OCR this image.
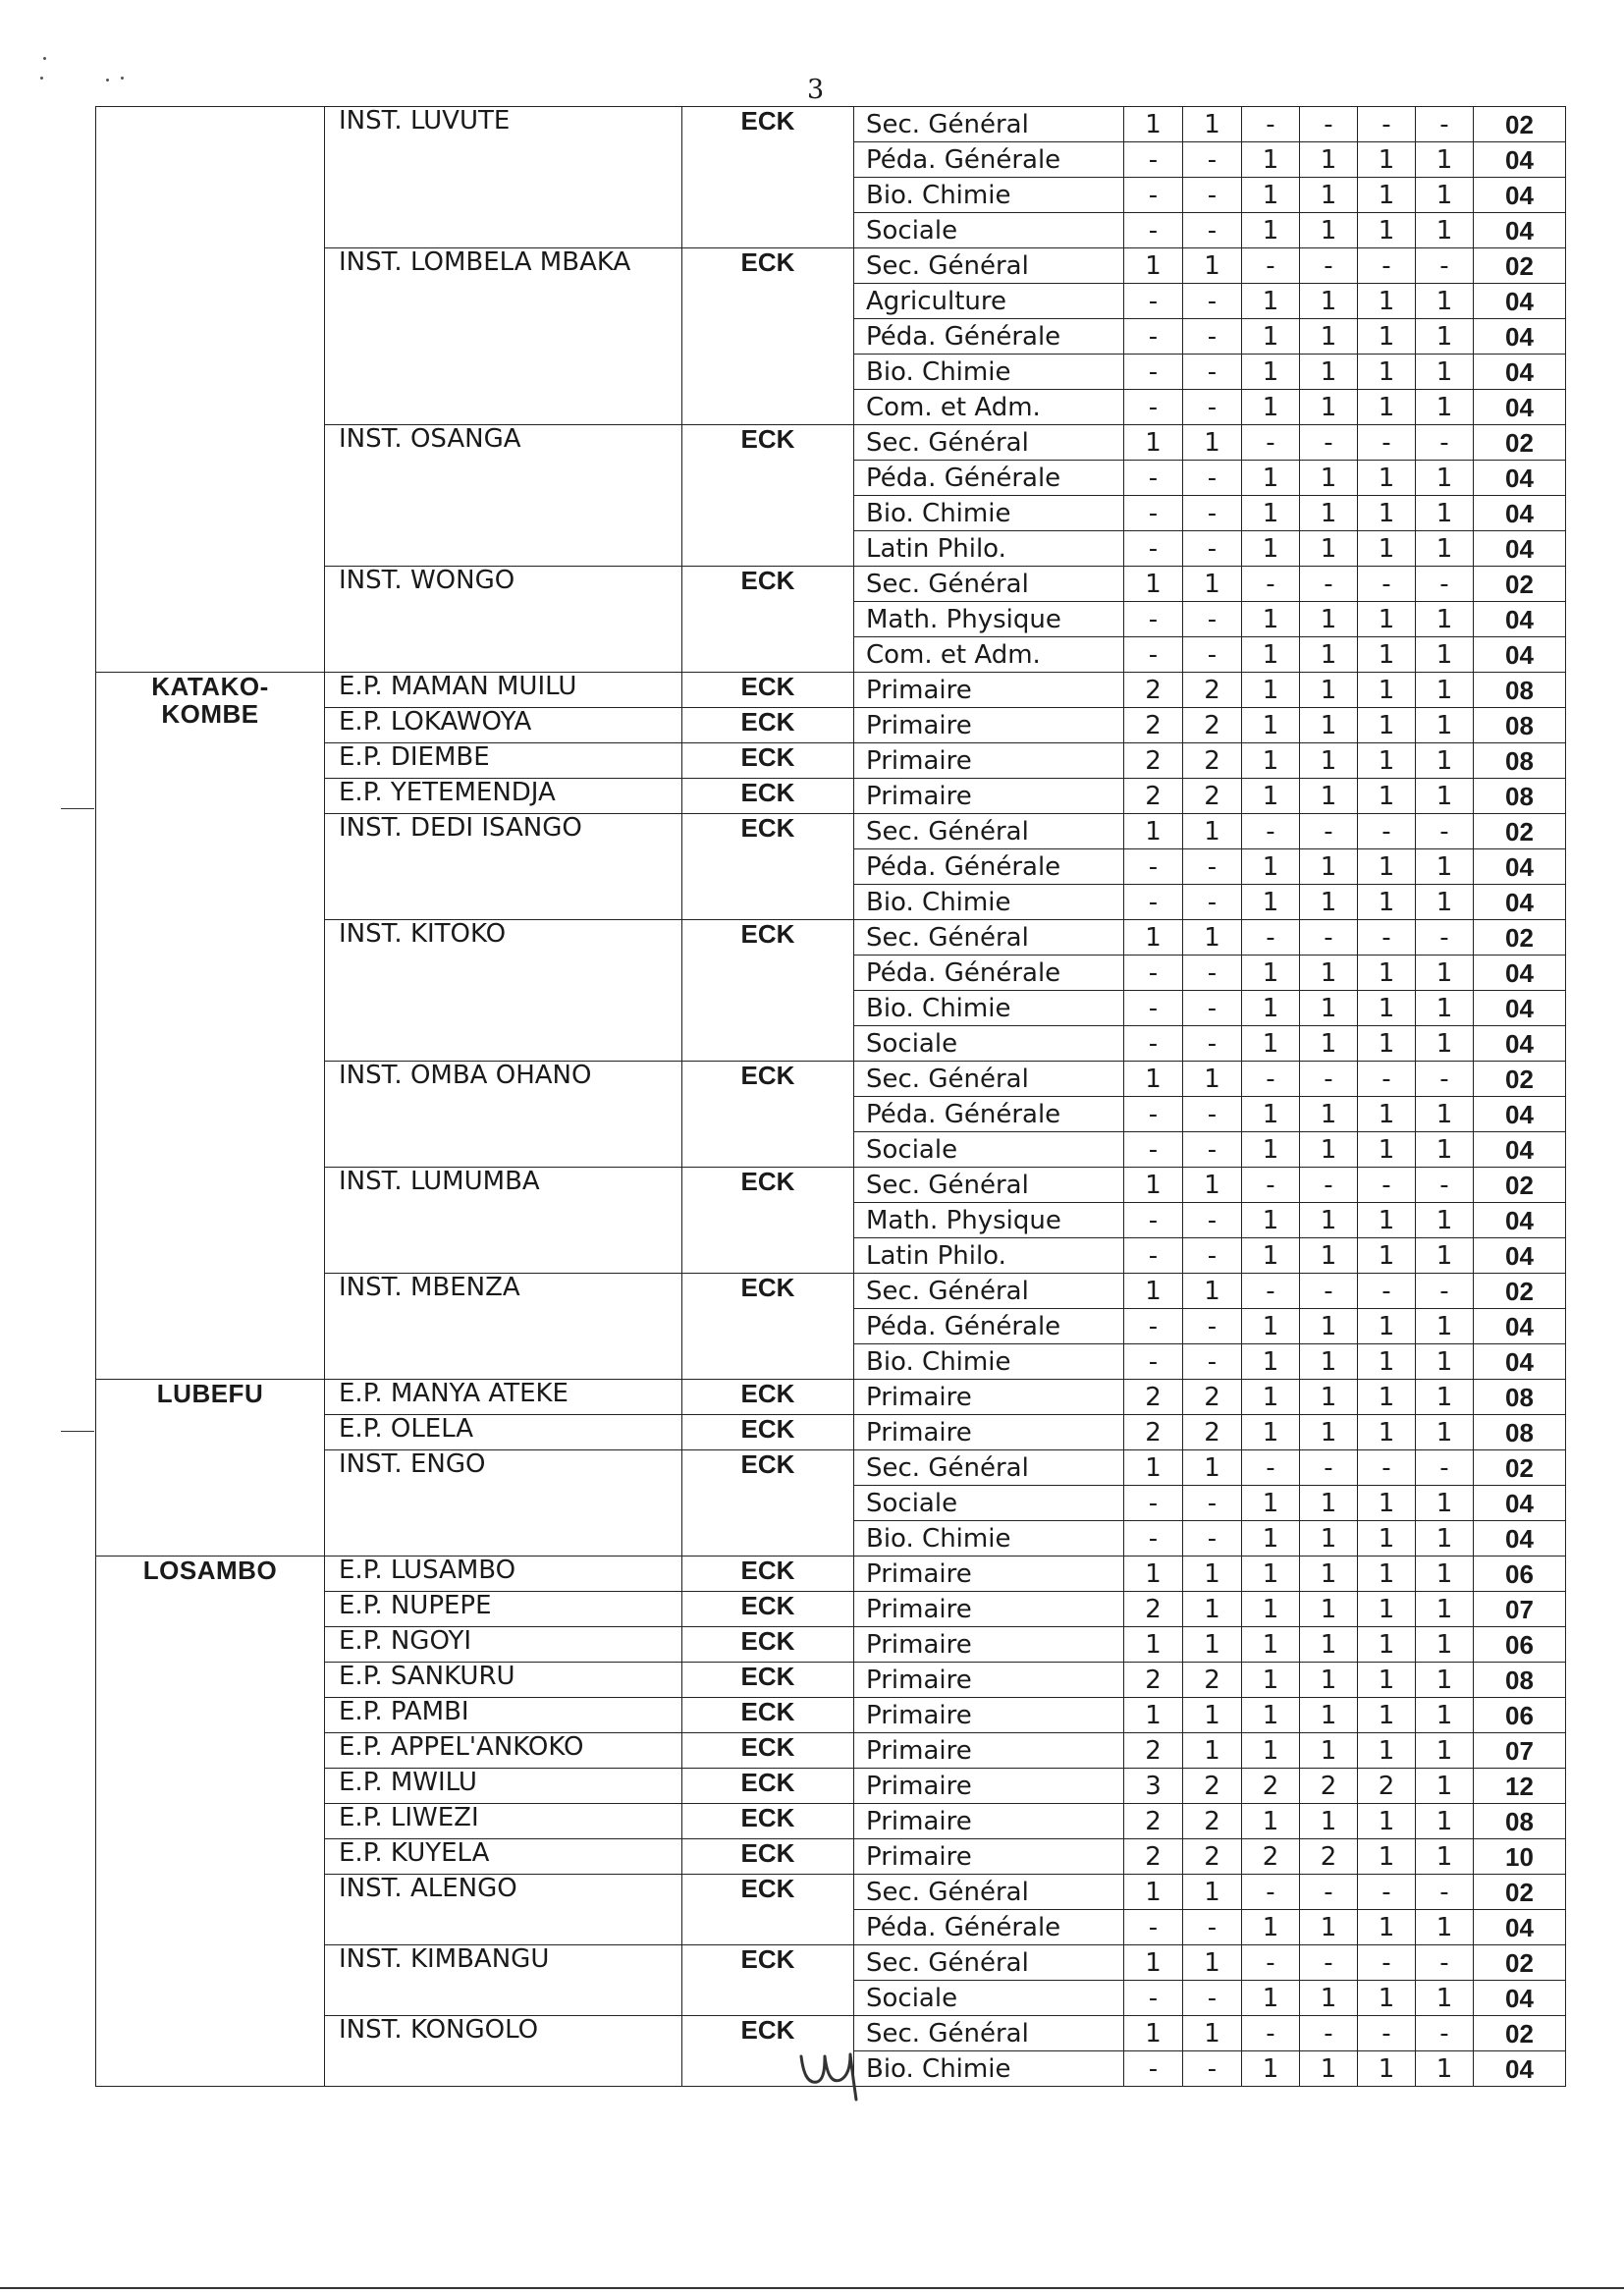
3
	INST. LUVUTE	ECK	Sec. Général	1	1	-	-	-	-	02
			Péda. Générale	-	-	1	1	1	1	04
			Bio. Chimie	-	-	1	1	1	1	04
			Sociale	-	-	1	1	1	1	04
	INST. LOMBELA MBAKA	ECK	Sec. Général	1	1	-	-	-	-	02
			Agriculture	-	-	1	1	1	1	04
			Péda. Générale	-	-	1	1	1	1	04
			Bio. Chimie	-	-	1	1	1	1	04
			Com. et Adm.	-	-	1	1	1	1	04
	INST. OSANGA	ECK	Sec. Général	1	1	-	-	-	-	02
			Péda. Générale	-	-	1	1	1	1	04
			Bio. Chimie	-	-	1	1	1	1	04
			Latin Philo.	-	-	1	1	1	1	04
	INST. WONGO	ECK	Sec. Général	1	1	-	-	-	-	02
			Math. Physique	-	-	1	1	1	1	04
			Com. et Adm.	-	-	1	1	1	1	04

KATAKO-
KOMBE	E.P. MAMAN MUILU	ECK	Primaire	2	2	1	1	1	1	08
	E.P. LOKAWOYA	ECK	Primaire	2	2	1	1	1	1	08
	E.P. DIEMBE	ECK	Primaire	2	2	1	1	1	1	08
	E.P. YETEMENDJA	ECK	Primaire	2	2	1	1	1	1	08
	INST. DEDI ISANGO	ECK	Sec. Général	1	1	-	-	-	-	02
			Péda. Générale	-	-	1	1	1	1	04
			Bio. Chimie	-	-	1	1	1	1	04
	INST. KITOKO	ECK	Sec. Général	1	1	-	-	-	-	02
			Péda. Générale	-	-	1	1	1	1	04
			Bio. Chimie	-	-	1	1	1	1	04
			Sociale	-	-	1	1	1	1	04
	INST. OMBA OHANO	ECK	Sec. Général	1	1	-	-	-	-	02
			Péda. Générale	-	-	1	1	1	1	04
			Sociale	-	-	1	1	1	1	04
	INST. LUMUMBA	ECK	Sec. Général	1	1	-	-	-	-	02
			Math. Physique	-	-	1	1	1	1	04
			Latin Philo.	-	-	1	1	1	1	04
	INST. MBENZA	ECK	Sec. Général	1	1	-	-	-	-	02
			Péda. Générale	-	-	1	1	1	1	04
			Bio. Chimie	-	-	1	1	1	1	04

LUBEFU	E.P. MANYA ATEKE	ECK	Primaire	2	2	1	1	1	1	08
	E.P. OLELA	ECK	Primaire	2	2	1	1	1	1	08
	INST. ENGO	ECK	Sec. Général	1	1	-	-	-	-	02
			Sociale	-	-	1	1	1	1	04
			Bio. Chimie	-	-	1	1	1	1	04

LOSAMBO	E.P. LUSAMBO	ECK	Primaire	1	1	1	1	1	1	06
	E.P. NUPEPE	ECK	Primaire	2	1	1	1	1	1	07
	E.P. NGOYI	ECK	Primaire	1	1	1	1	1	1	06
	E.P. SANKURU	ECK	Primaire	2	2	1	1	1	1	08
	E.P. PAMBI	ECK	Primaire	1	1	1	1	1	1	06
	E.P. APPEL'ANKOKO	ECK	Primaire	2	1	1	1	1	1	07
	E.P. MWILU	ECK	Primaire	3	2	2	2	2	1	12
	E.P. LIWEZI	ECK	Primaire	2	2	1	1	1	1	08
	E.P. KUYELA	ECK	Primaire	2	2	2	2	1	1	10
	INST. ALENGO	ECK	Sec. Général	1	1	-	-	-	-	02
			Péda. Générale	-	-	1	1	1	1	04
	INST. KIMBANGU	ECK	Sec. Général	1	1	-	-	-	-	02
			Sociale	-	-	1	1	1	1	04
	INST. KONGOLO	ECK	Sec. Général	1	1	-	-	-	-	02
			Bio. Chimie	-	-	1	1	1	1	04
